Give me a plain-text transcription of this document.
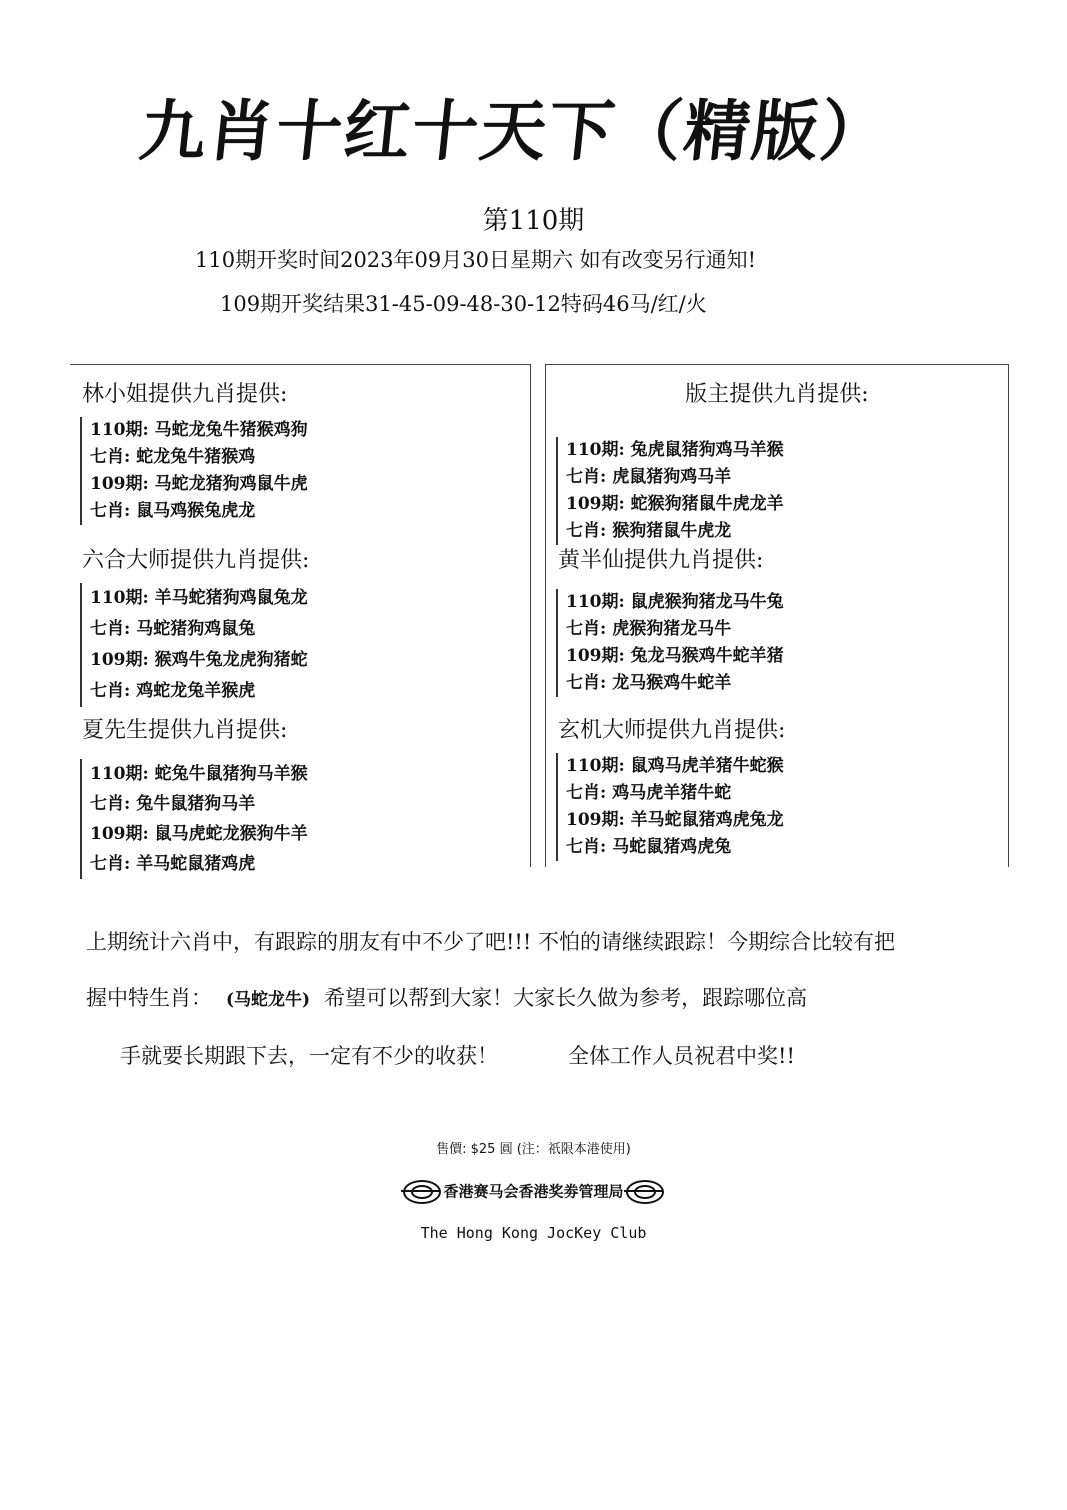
九肖十红十天下（精版）
第110期
110期开奖时间2023年09月30日星期六 如有改变另行通知!
109期开奖结果31-45-09-48-30-12特码46马/红/火
林小姐提供九肖提供:
110期: 马蛇龙兔牛猪猴鸡狗
七肖: 蛇龙兔牛猪猴鸡
109期: 马蛇龙猪狗鸡鼠牛虎
七肖: 鼠马鸡猴兔虎龙
六合大师提供九肖提供:
110期: 羊马蛇猪狗鸡鼠兔龙
七肖: 马蛇猪狗鸡鼠兔
109期: 猴鸡牛兔龙虎狗猪蛇
七肖: 鸡蛇龙兔羊猴虎
夏先生提供九肖提供:
110期: 蛇兔牛鼠猪狗马羊猴
七肖: 兔牛鼠猪狗马羊
109期: 鼠马虎蛇龙猴狗牛羊
七肖: 羊马蛇鼠猪鸡虎
版主提供九肖提供:
110期: 兔虎鼠猪狗鸡马羊猴
七肖: 虎鼠猪狗鸡马羊
109期: 蛇猴狗猪鼠牛虎龙羊
七肖: 猴狗猪鼠牛虎龙
黄半仙提供九肖提供:
110期: 鼠虎猴狗猪龙马牛兔
七肖: 虎猴狗猪龙马牛
109期: 兔龙马猴鸡牛蛇羊猪
七肖: 龙马猴鸡牛蛇羊
玄机大师提供九肖提供:
110期: 鼠鸡马虎羊猪牛蛇猴
七肖: 鸡马虎羊猪牛蛇
109期: 羊马蛇鼠猪鸡虎兔龙
七肖: 马蛇鼠猪鸡虎兔
上期统计六肖中，有跟踪的朋友有中不少了吧!!! 不怕的请继续跟踪！今期综合比较有把
握中特生肖： (马蛇龙牛) 希望可以帮到大家！大家长久做为参考，跟踪哪位高
手就要长期跟下去，一定有不少的收获！	全体工作人员祝君中奖!!
售價: $25 圓 (注：祇限本港使用)
香港赛马会香港奖劵管理局
The Hong Kong JocKey Club
